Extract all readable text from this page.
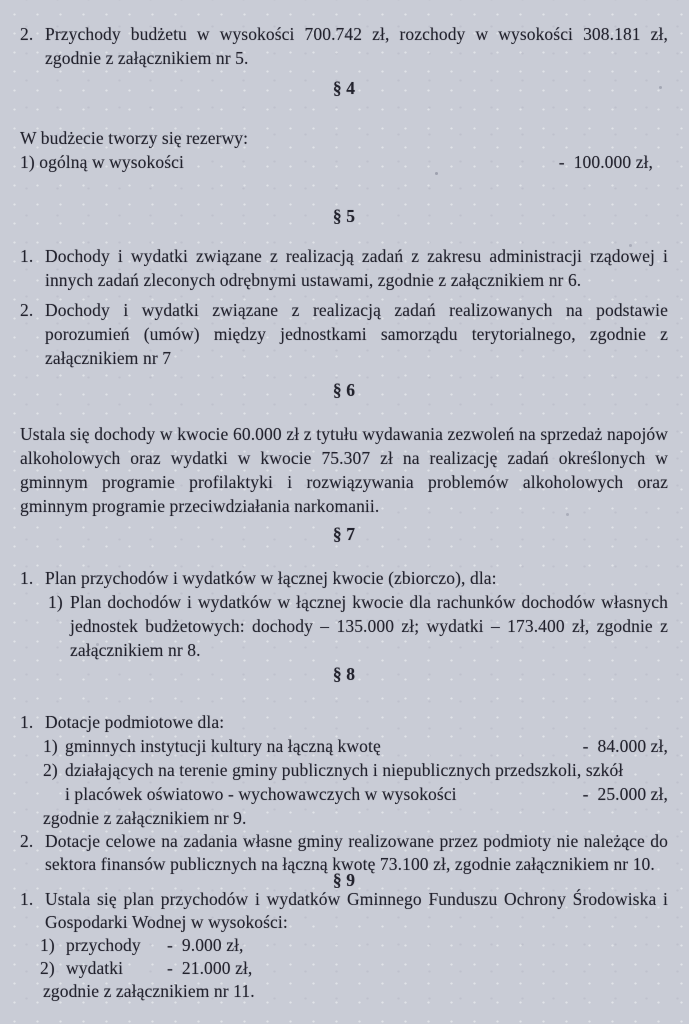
2. Przychody budżetu w wysokości 700.742 zł, rozchody w wysokości 308.181 zł, zgodnie z załącznikiem nr 5.
§ 4
W budżecie tworzy się rezerwy:
1) ogólną w wysokości	-  100.000 zł,
§ 5
1. Dochody i wydatki związane z realizacją zadań z zakresu administracji rządowej i innych zadań zleconych odrębnymi ustawami, zgodnie z załącznikiem nr 6.
2. Dochody i wydatki związane z realizacją zadań realizowanych na podstawie porozumień (umów) między jednostkami samorządu terytorialnego, zgodnie z załącznikiem nr 7
§ 6
Ustala się dochody w kwocie 60.000 zł z tytułu wydawania zezwoleń na sprzedaż napojów alkoholowych oraz wydatki w kwocie 75.307 zł na realizację zadań określonych w gminnym programie profilaktyki i rozwiązywania problemów alkoholowych oraz gminnym programie przeciwdziałania narkomanii.
§ 7
1. Plan przychodów i wydatków w łącznej kwocie (zbiorczo), dla:
1) Plan dochodów i wydatków w łącznej kwocie dla rachunków dochodów własnych jednostek budżetowych: dochody – 135.000 zł; wydatki – 173.400 zł, zgodnie z załącznikiem nr 8.
§ 8
1. Dotacje podmiotowe dla:
1) gminnych instytucji kultury na łączną kwotę	-  84.000 zł,
2) działających na terenie gminy publicznych i niepublicznych przedszkoli, szkół
i placówek oświatowo - wychowawczych w wysokości	-  25.000 zł,
zgodnie z załącznikiem nr 9.
2. Dotacje celowe na zadania własne gminy realizowane przez podmioty nie należące do sektora finansów publicznych na łączną kwotę 73.100 zł, zgodnie załącznikiem nr 10.
§ 9
1. Ustala się plan przychodów i wydatków Gminnego Funduszu Ochrony Środowiska i Gospodarki Wodnej w wysokości:
1) przychody	-  9.000 zł,
2) wydatki	-  21.000 zł,
zgodnie z załącznikiem nr 11.
